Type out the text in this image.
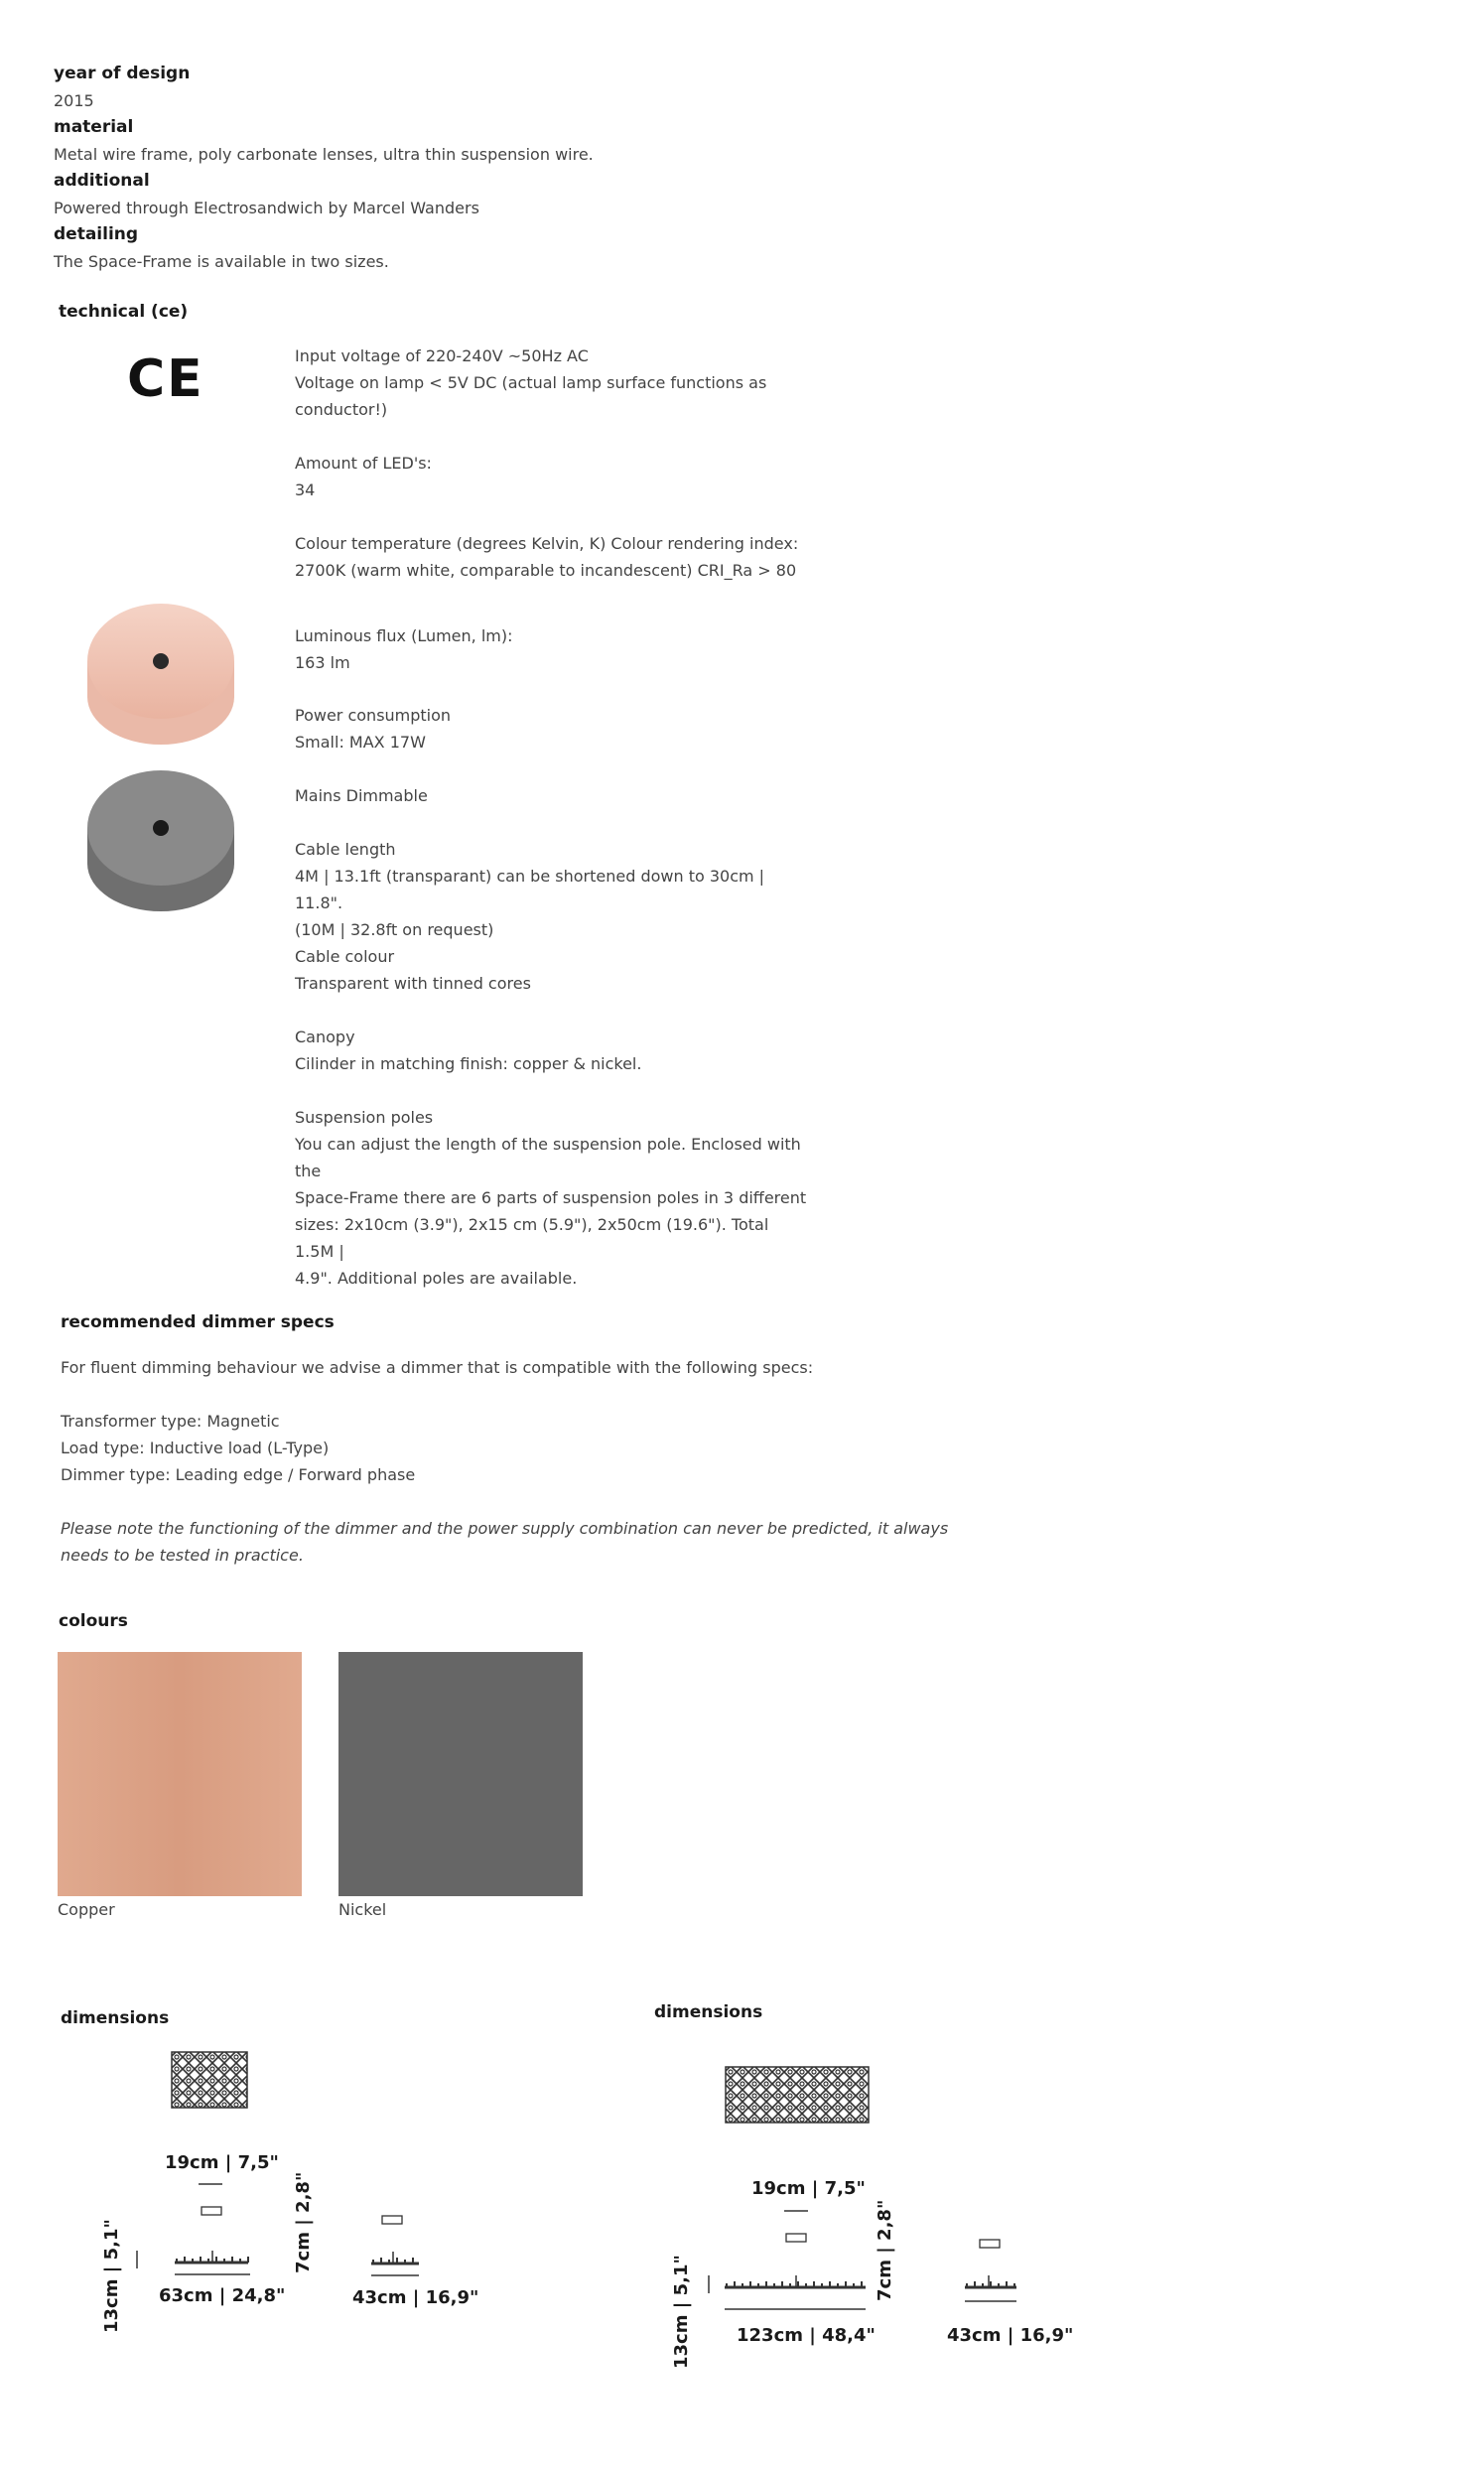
year of design
2015
material
Metal wire frame, poly carbonate lenses, ultra thin suspension wire.
additional
Powered through Electrosandwich by Marcel Wanders
detailing
The Space-Frame is available in two sizes.
technical (ce)
CE	Input voltage of 220-240V ~50Hz AC
Voltage on lamp < 5V DC (actual lamp surface functions as
conductor!)
Amount of LED's:
34
Colour temperature (degrees Kelvin, K) Colour rendering index:
2700K (warm white, comparable to incandescent) CRI_Ra > 80
Luminous flux (Lumen, lm):
163 lm
Power consumption
Small: MAX 17W
Mains Dimmable
Cable length
4M | 13.1ft (transparant) can be shortened down to 30cm | 11.8".
(10M | 32.8ft on request)
Cable colour
Transparent with tinned cores
Canopy
Cilinder in matching finish: copper & nickel.
Suspension poles
You can adjust the length of the suspension pole. Enclosed with the
Space-Frame there are 6 parts of suspension poles in 3 different
sizes: 2x10cm (3.9"), 2x15 cm (5.9"), 2x50cm (19.6"). Total 1.5M |
4.9". Additional poles are available.
recommended dimmer specs
For fluent dimming behaviour we advise a dimmer that is compatible with the following specs:
Transformer type: Magnetic
Load type: Inductive load (L-Type)
Dimmer type: Leading edge / Forward phase
Please note the functioning of the dimmer and the power supply combination can never be predicted, it always
needs to be tested in practice.
colours
Copper	Nickel
dimensions
19cm | 7,5"
7cm | 2,8"
13cm | 5,1" 63cm | 24,8"	43cm | 16,9"
dimensions
19cm | 7,5"
7cm | 2,8"
13cm | 5,1"	123cm | 48,4"	43cm | 16,9"
